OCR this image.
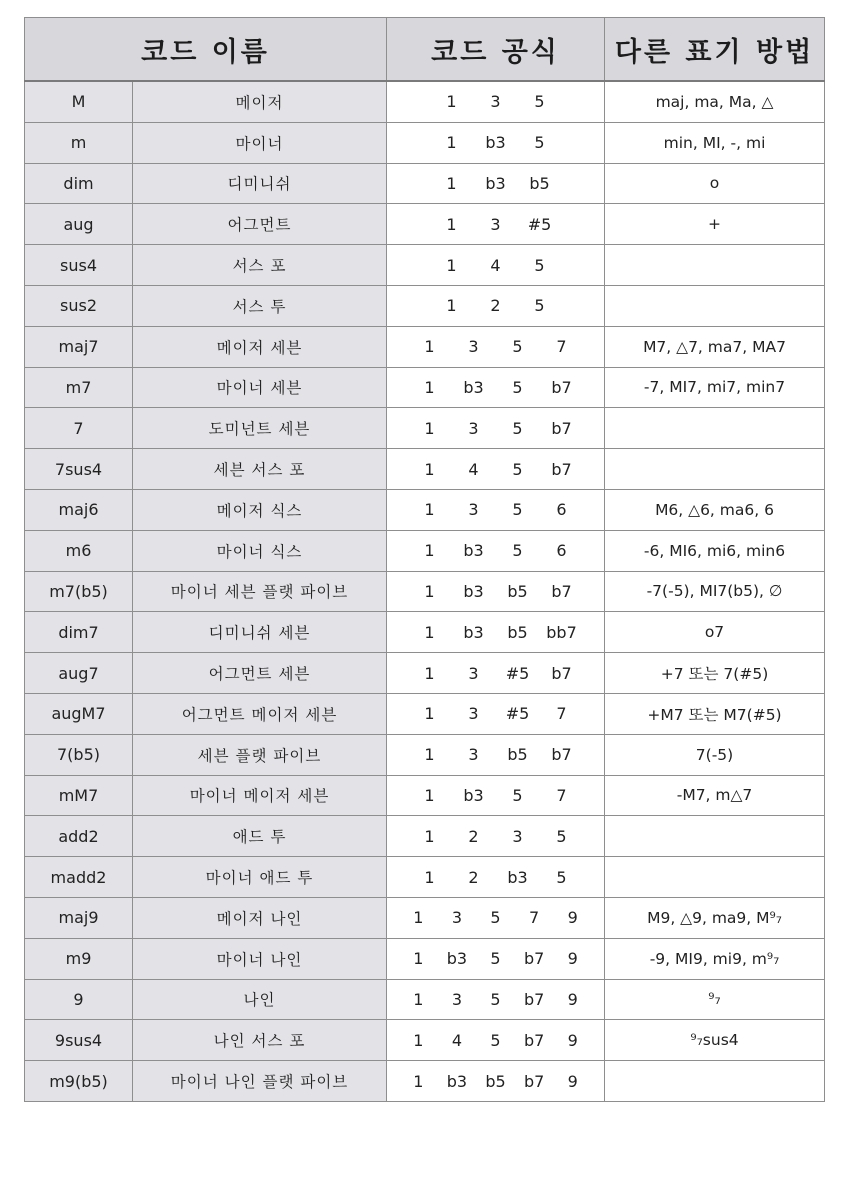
코드 이름		코드 공식	다른 표기 방법
M	메이저	1 3 5	maj, ma, Ma, △
m	마이너	1 b3 5	min, MI, -, mi
dim	디미니쉬	1 b3 b5	o
aug	어그먼트	1 3 #5	+
sus4	서스 포	1 4 5	

sus2	서스 투	1 2 5	

maj7	메이저 세븐	1 3 5 7	M7, △7, ma7, MA7
m7	마이너 세븐	1 b3 5 b7	-7, MI7, mi7, min7
7	도미넌트 세븐	1 3 5 b7	

7sus4	세븐 서스 포	1 4 5 b7	

maj6	메이저 식스	1 3 5 6	M6, △6, ma6, 6
m6	마이너 식스	1 b3 5 6	-6, MI6, mi6, min6
m7(b5)	마이너 세븐 플랫 파이브	1 b3 b5 b7	-7(-5), MI7(b5), ∅
dim7	디미니쉬 세븐	1 b3 b5 bb7	o7
aug7	어그먼트 세븐	1 3 #5 b7	+7 또는 7(#5)
augM7	어그먼트 메이저 세븐	1 3 #5 7	+M7 또는 M7(#5)
7(b5)	세븐 플랫 파이브	1 3 b5 b7	7(-5)
mM7	마이너 메이저 세븐	1 b3 5 7	-M7, m△7
add2	애드 투	1 2 3 5	

madd2	마이너 애드 투	1 2 b3 5	

maj9	메이저 나인	1 3 5 7 9	M9, △9, ma9, M⁹₇
m9	마이너 나인	1 b3 5 b7 9	-9, MI9, mi9, m⁹₇
9	나인	1 3 5 b7 9	⁹₇
9sus4	나인 서스 포	1 4 5 b7 9	⁹₇sus4
m9(b5)	마이너 나인 플랫 파이브	1 b3 b5 b7 9	
